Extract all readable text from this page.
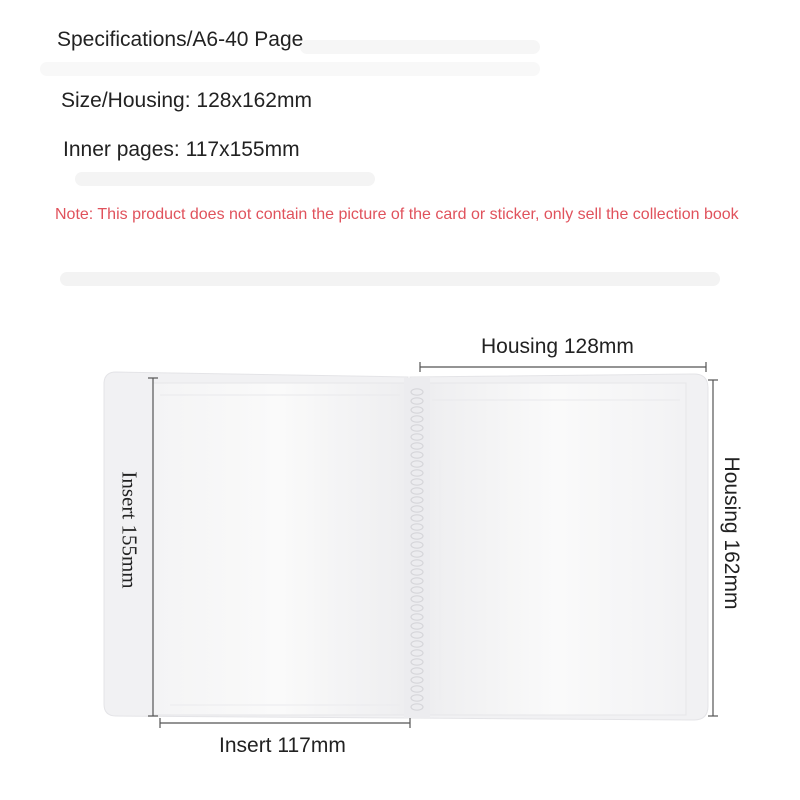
Specifications/A6-40 Page
Size/Housing: 128x162mm
Inner pages: 117x155mm
Note: This product does not contain the picture of the card or sticker, only sell the collection book
Housing 128mm
Insert 117mm
Insert 155mm	Housing 162mm
